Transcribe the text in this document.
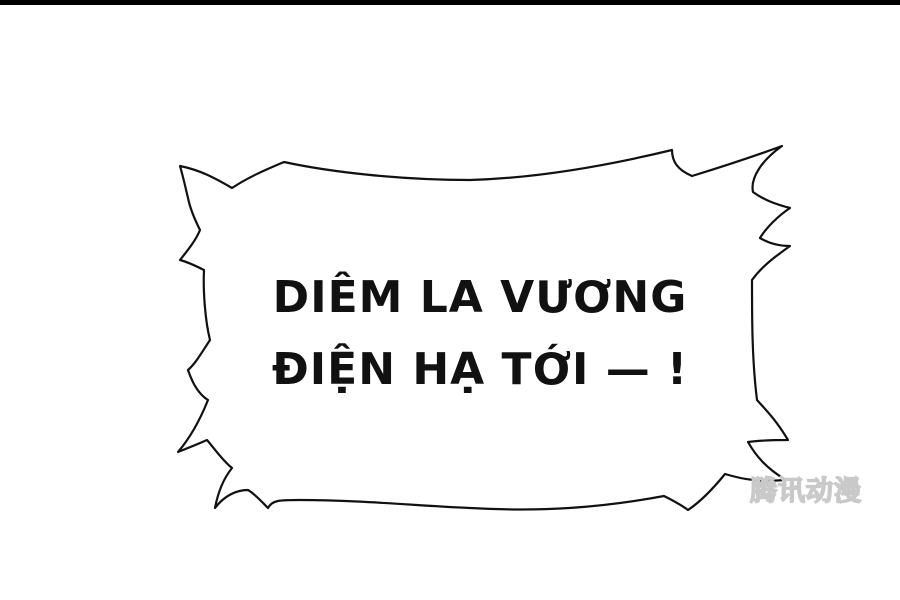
DIÊM LA VƯƠNG
ĐIỆN HẠ TỚI — !
腾讯动漫
